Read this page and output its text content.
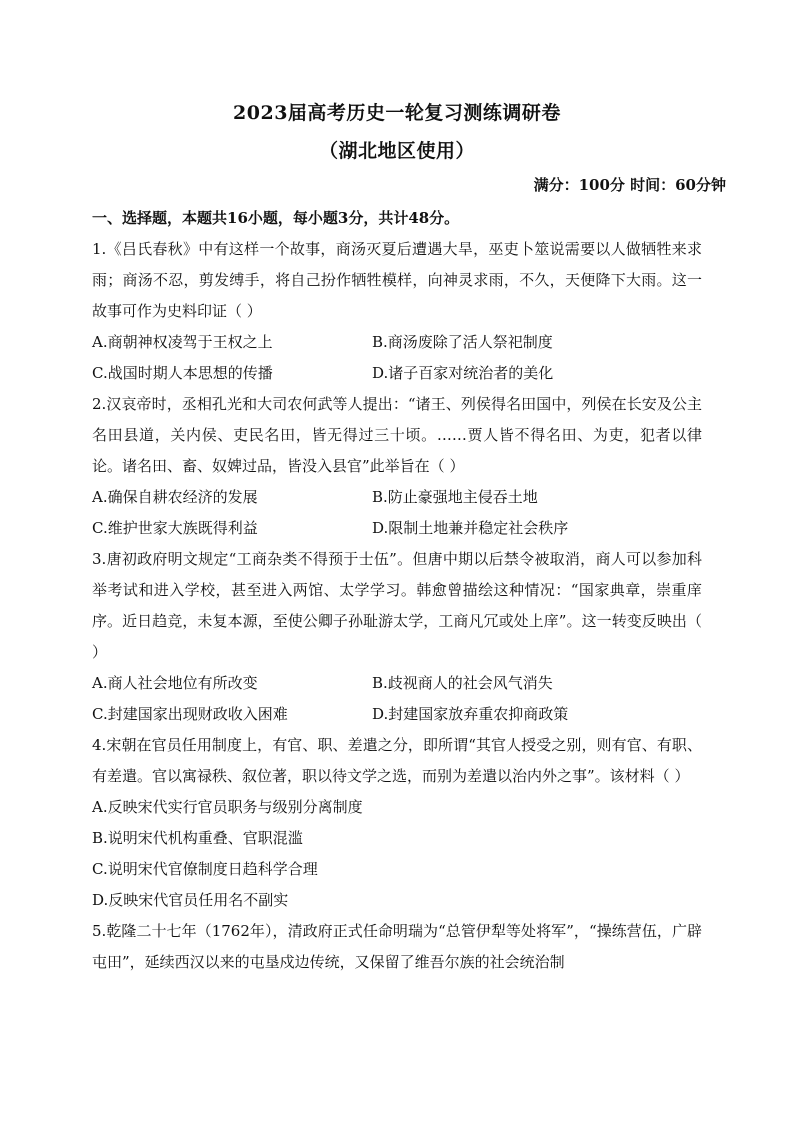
2023届高考历史一轮复习测练调研卷
（湖北地区使用）
满分：100分 时间：60分钟
一、选择题，本题共16小题，每小题3分，共计48分。
1.《吕氏春秋》中有这样一个故事，商汤灭夏后遭遇大旱，巫吏卜筮说需要以人做牺牲来求雨；商汤不忍，剪发缚手，将自己扮作牺牲模样，向神灵求雨，不久，天便降下大雨。这一故事可作为史料印证（ ）
A.商朝神权凌驾于王权之上	B.商汤废除了活人祭祀制度
C.战国时期人本思想的传播	D.诸子百家对统治者的美化
2.汉哀帝时，丞相孔光和大司农何武等人提出：“诸王、列侯得名田国中，列侯在长安及公主名田县道，关内侯、吏民名田，皆无得过三十顷。……贾人皆不得名田、为吏，犯者以律论。诸名田、畜、奴婢过品，皆没入县官”此举旨在（ ）
A.确保自耕农经济的发展	B.防止豪强地主侵吞土地
C.维护世家大族既得利益	D.限制土地兼并稳定社会秩序
3.唐初政府明文规定“工商杂类不得预于士伍”。但唐中期以后禁令被取消，商人可以参加科举考试和进入学校，甚至进入两馆、太学学习。韩愈曾描绘这种情况：“国家典章，崇重庠序。近日趋竞，未复本源，至使公卿子孙耻游太学，工商凡冗或处上庠”。这一转变反映出（ ）
A.商人社会地位有所改变	B.歧视商人的社会风气消失
C.封建国家出现财政收入困难	D.封建国家放弃重农抑商政策
4.宋朝在官员任用制度上，有官、职、差遣之分，即所谓“其官人授受之别，则有官、有职、有差遣。官以寓禄秩、叙位著，职以待文学之选，而别为差遣以治内外之事”。该材料（ ）
A.反映宋代实行官员职务与级别分离制度
B.说明宋代机构重叠、官职混滥
C.说明宋代官僚制度日趋科学合理
D.反映宋代官员任用名不副实
5.乾隆二十七年（1762年），清政府正式任命明瑞为“总管伊犁等处将军”，“操练营伍，广辟屯田”，延续西汉以来的屯垦戍边传统，又保留了维吾尔族的社会统治制
